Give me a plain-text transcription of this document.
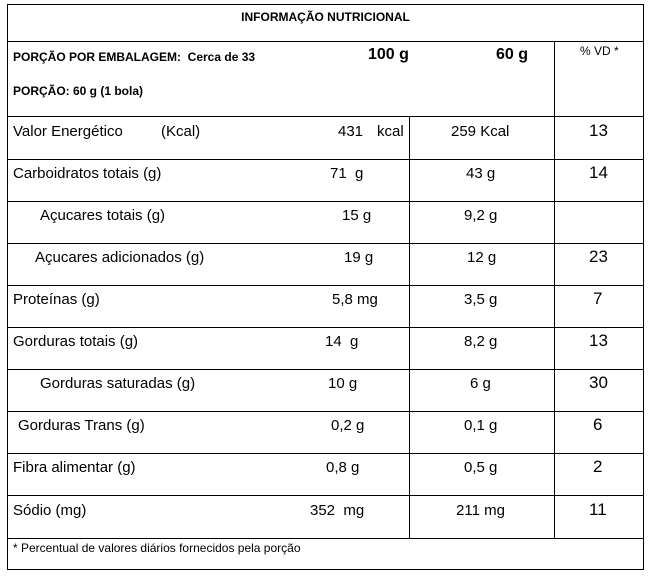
INFORMAÇÃO NUTRICIONAL
PORÇÃO POR EMBALAGEM: Cerca de 33
PORÇÃO: 60 g (1 bola)
100 g	60 g	% VD *
Valor Energético	(Kcal)	431 kcal	259 Kcal	13
Carboidratos totais (g)	71  g	43 g	14
Açucares totais (g)	15 g	9,2 g
Açucares adicionados (g)	19 g	12 g	23
Proteínas (g)	5,8 mg	3,5 g	7
Gorduras totais (g)	14  g	8,2 g	13
Gorduras saturadas (g)	10 g	6 g	30
Gorduras Trans (g)	0,2 g	0,1 g	6
Fibra alimentar (g)	0,8 g	0,5 g	2
Sódio (mg)	352  mg	211 mg	11
* Percentual de valores diários fornecidos pela porção
